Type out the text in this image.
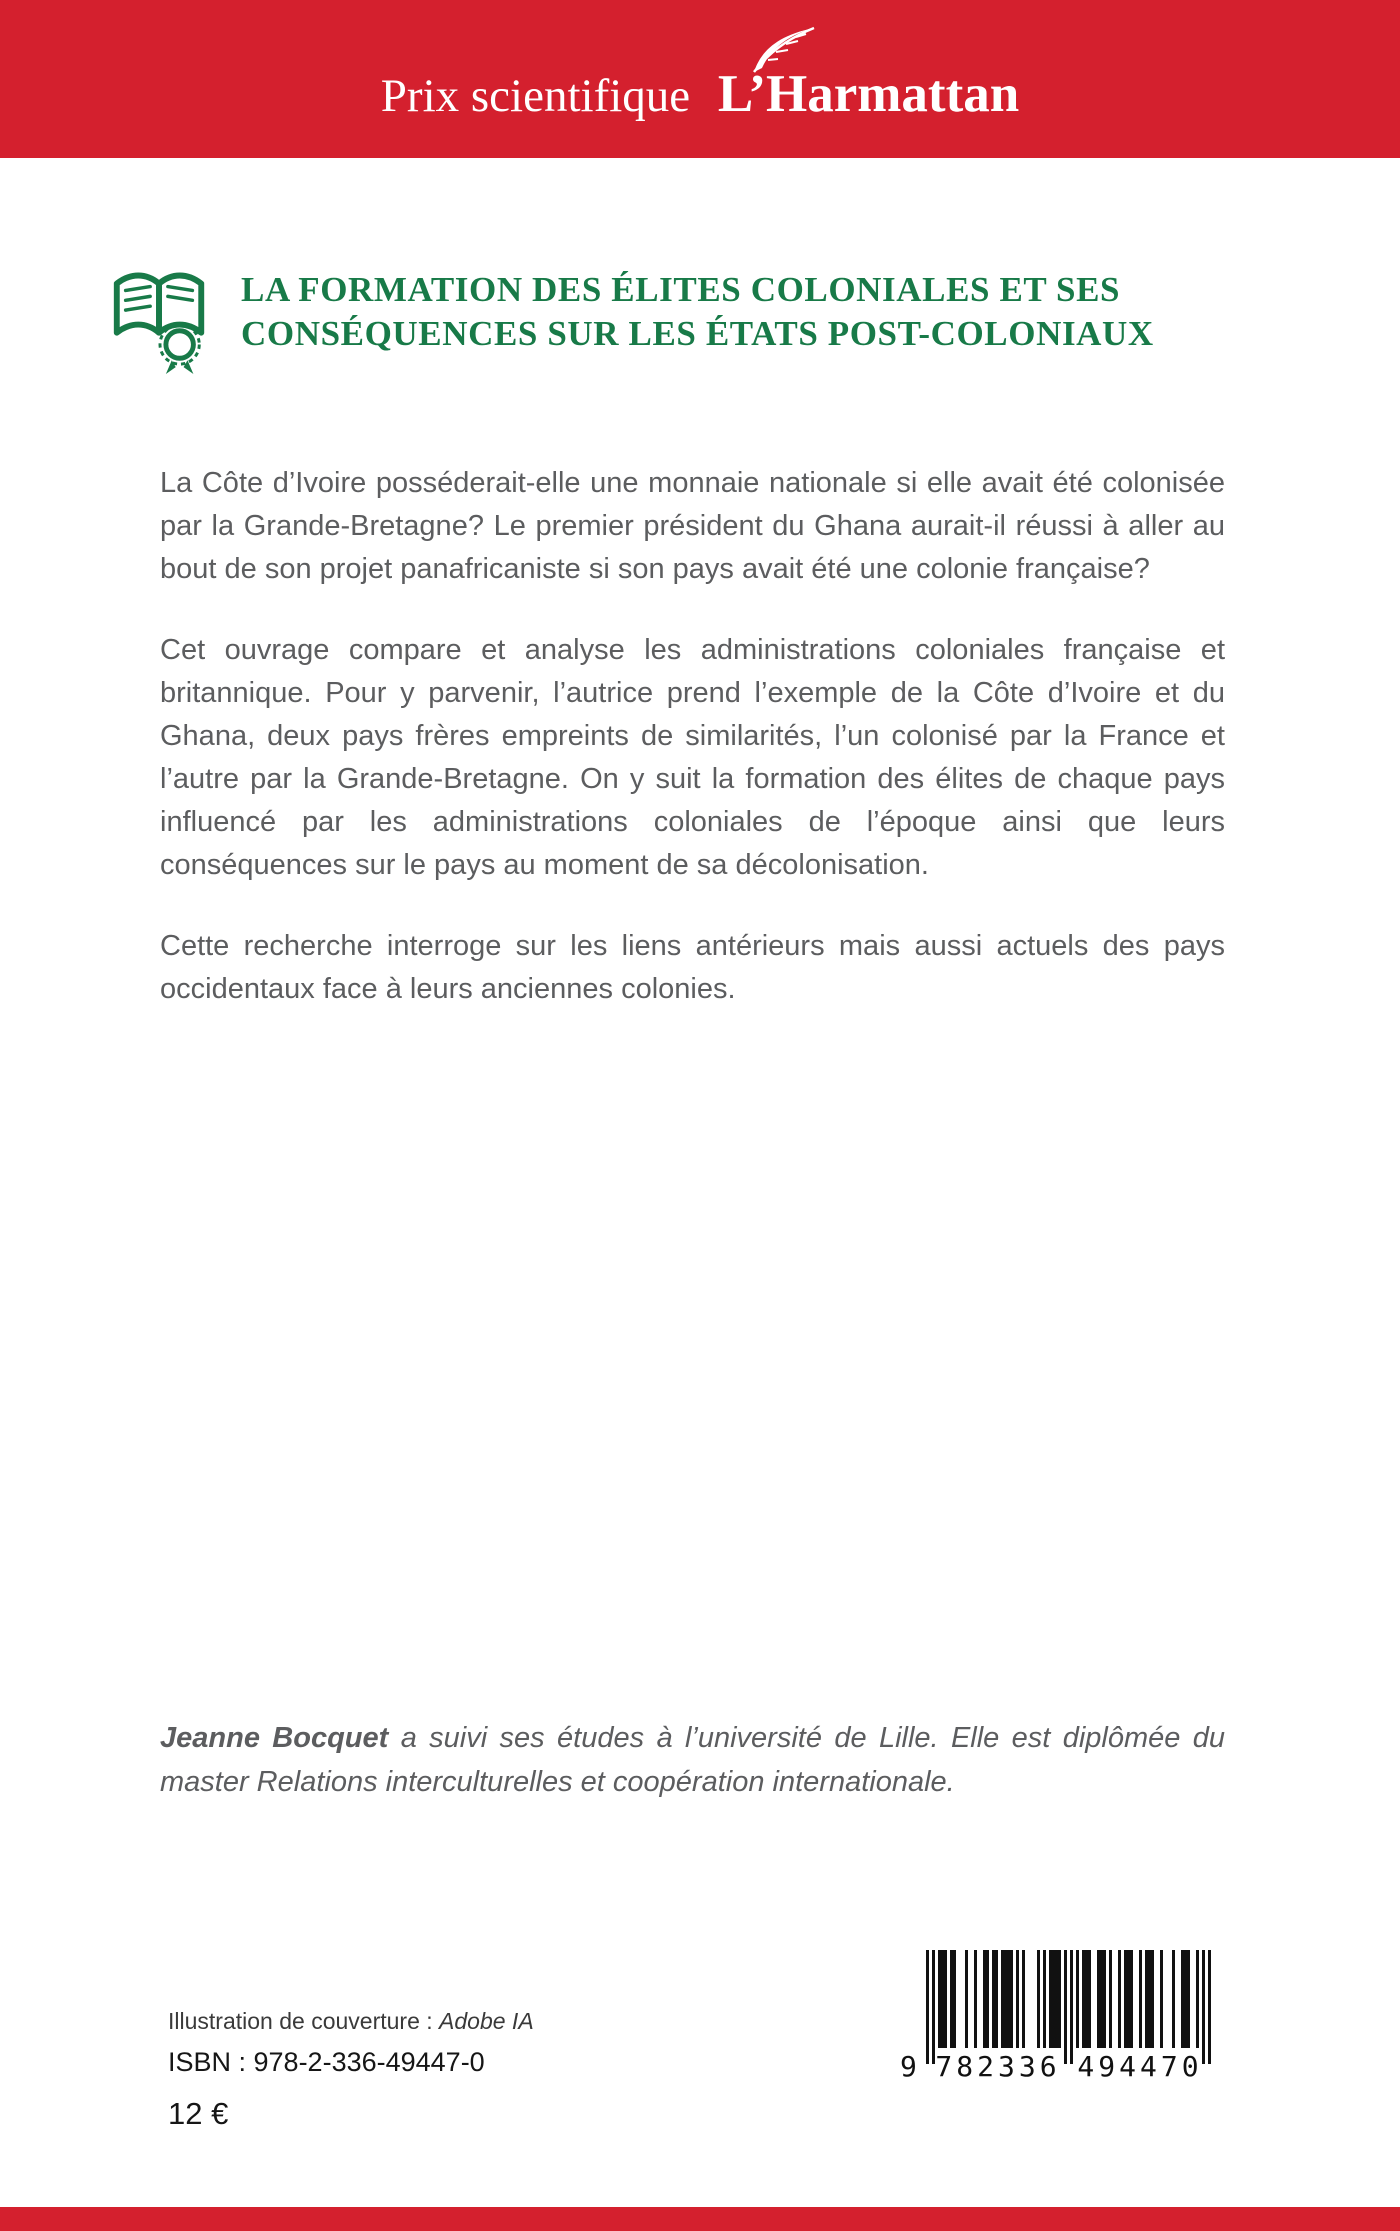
Prix scientifique L’Harmattan
LA FORMATION DES ÉLITES COLONIALES ET SES
CONSÉQUENCES SUR LES ÉTATS POST-COLONIAUX

La Côte d’Ivoire posséderait-elle une monnaie nationale si elle avait été colonisée par la Grande-Bretagne? Le premier président du Ghana aurait-il réussi à aller au bout de son projet panafricaniste si son pays avait été une colonie française?

Cet ouvrage compare et analyse les administrations coloniales française et britannique. Pour y parvenir, l’autrice prend l’exemple de la Côte d’Ivoire et du Ghana, deux pays frères empreints de similarités, l’un colonisé par la France et l’autre par la Grande-Bretagne. On y suit la formation des élites de chaque pays influencé par les administrations coloniales de l’époque ainsi que leurs conséquences sur le pays au moment de sa décolonisation.

Cette recherche interroge sur les liens antérieurs mais aussi actuels des pays occidentaux face à leurs anciennes colonies.

Jeanne Bocquet a suivi ses études à l’université de Lille. Elle est diplômée du master Relations interculturelles et coopération internationale.

Illustration de couverture : Adobe IA
ISBN : 978-2-336-49447-0
12 €
9 782336 494470
